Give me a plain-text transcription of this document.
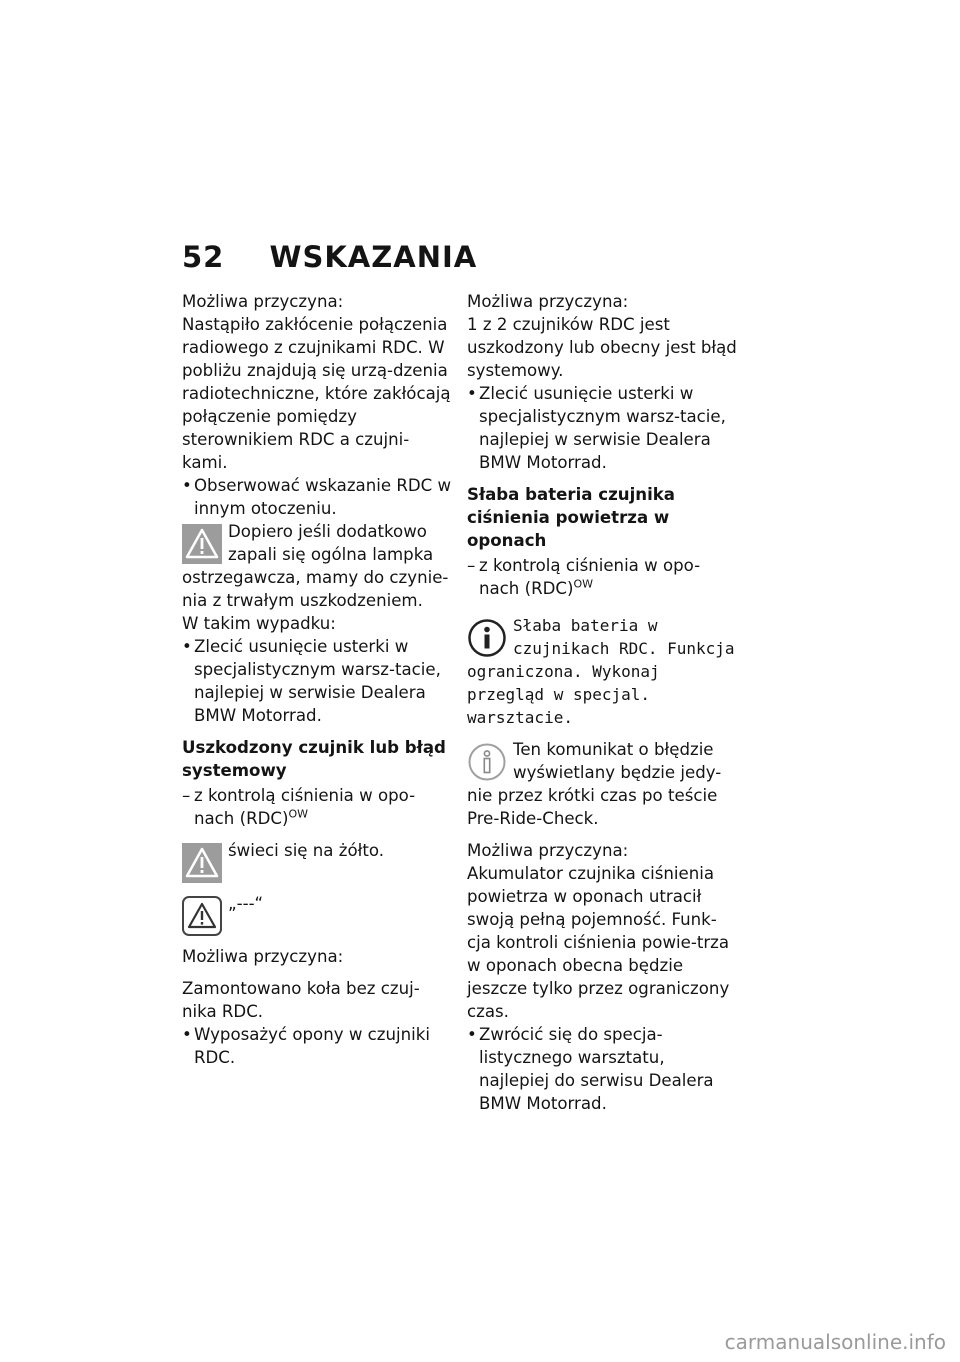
52 WSKAZANIA

Możliwa przyczyna:

Nastąpiło zakłócenie połączenia radiowego z czujnikami RDC. W pobliżu znajdują się urzą-dzenia radiotechniczne, które zakłócają połączenie pomiędzy sterownikiem RDC a czujni-kami.

• Obserwować wskazanie RDC w innym otoczeniu.
Dopiero jeśli dodatkowo zapali się ogólna lampka ostrzegawcza, mamy do czynie-nia z trwałym uszkodzeniem.

W takim wypadku:

• Zlecić usunięcie usterki w specjalistycznym warsz-tacie, najlepiej w serwisie Dealera BMW Motorrad.

Uszkodzony czujnik lub błąd systemowy

– z kontrolą ciśnienia w opo-nach (RDC)$^{OW}$
świeci się na żółto.
„---“

Możliwa przyczyna:

Zamontowano koła bez czuj-nika RDC.

• Wyposażyć opony w czujniki RDC.

Możliwa przyczyna:

1 z 2 czujników RDC jest uszkodzony lub obecny jest błąd systemowy.

• Zlecić usunięcie usterki w specjalistycznym warsz-tacie, najlepiej w serwisie Dealera BMW Motorrad.

Słaba bateria czujnika ciśnienia powietrza w oponach

– z kontrolą ciśnienia w opo-nach (RDC)$^{OW}$
Słaba bateria w czujnikach RDC. Funkcja ograniczona. Wykonaj przegląd w specjal. warsztacie.
Ten komunikat o błędzie wyświetlany będzie jedy-nie przez krótki czas po teście Pre-Ride-Check.

Możliwa przyczyna:

Akumulator czujnika ciśnienia powietrza w oponach utracił swoją pełną pojemność. Funk-cja kontroli ciśnienia powie-trza w oponach obecna będzie jeszcze tylko przez ograniczony czas.

• Zwrócić się do specja-listycznego warsztatu, najlepiej do serwisu Dealera BMW Motorrad.
carmanualsonline.info
